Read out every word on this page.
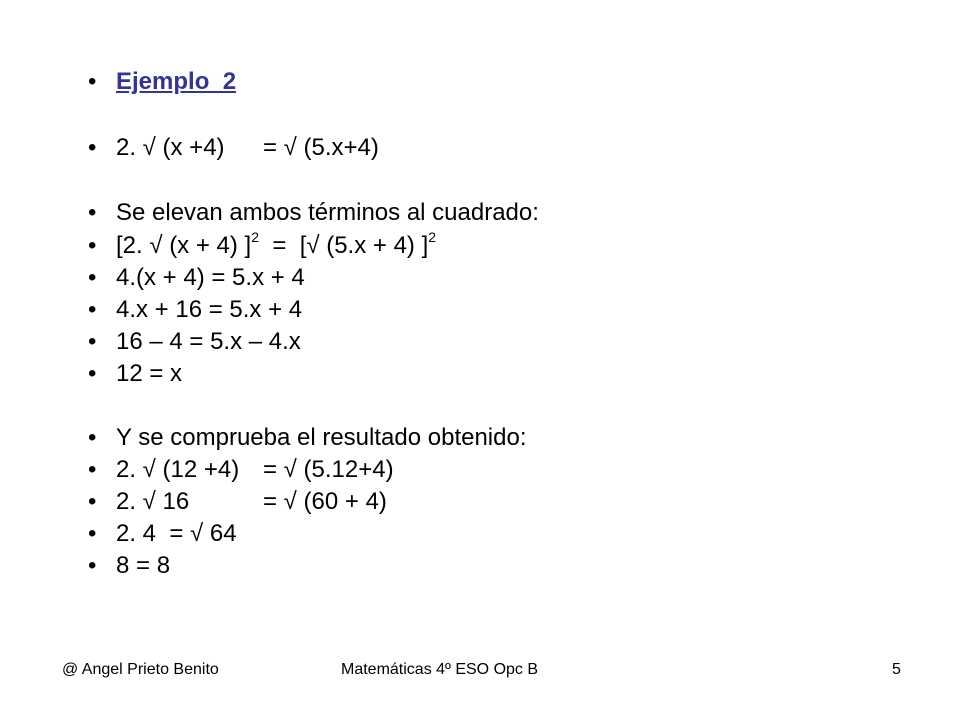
•

Ejemplo_2

•

2. √ (x +4)

= √ (5.x+4)

•

Se elevan ambos términos al cuadrado:

•

[2. √ (x + 4) ]$^2$  =  [√ (5.x + 4) ]$^2$

•

4.(x + 4) = 5.x + 4

•

4.x + 16 = 5.x + 4

•

16 – 4 = 5.x – 4.x

•

12 = x

•

Y se comprueba el resultado obtenido:

•

2. √ (12 +4)

= √ (5.12+4)

•

2. √ 16

	= √ (60 + 4)

•

2. 4  = √ 64

•

8 = 8

@ Angel Prieto Benito	Matemáticas 4º ESO Opc B	5
